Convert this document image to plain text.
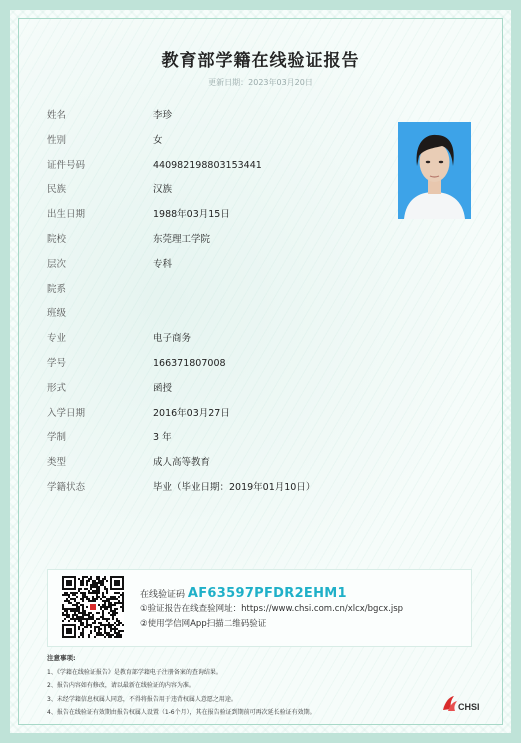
教育部学籍在线验证报告
更新日期：2023年03月20日
姓名	李珍
性别	女
证件号码	440982198803153441
民族	汉族
出生日期	1988年03月15日
院校	东莞理工学院
层次	专科
院系
班级
专业	电子商务
学号	166371807008
形式	函授
入学日期	2016年03月27日
学制	3 年
类型	成人高等教育
学籍状态	毕业（毕业日期：2019年01月10日）
在线验证码 AF63597PFDR2EHM1
①验证报告在线查验网址：https://www.chsi.com.cn/xlcx/bgcx.jsp
②使用学信网App扫描二维码验证
注意事项:
1、《学籍在线验证报告》是教育部学籍电子注册备案的查询结果。
2、报告内容如有修改，请以最新在线验证的内容为准。
3、未经学籍信息权属人同意，不得将报告用于违背权属人意愿之用途。
4、报告在线验证有效期由报告权属人设置（1-6个月），其在报告验证到期前可再次延长验证有效期。
CHSI
